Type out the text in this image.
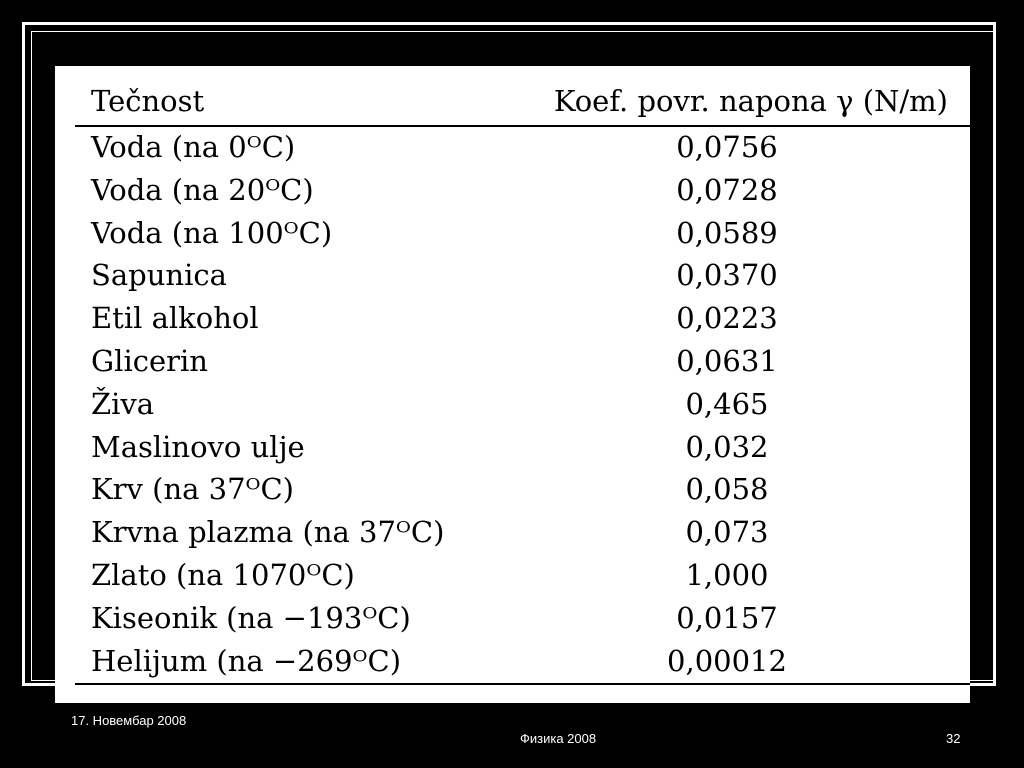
Tečnost	Koef. povr. napona γ (N/m)
Voda (na 0ᴼC)	0,0756
Voda (na 20ᴼC)	0,0728
Voda (na 100ᴼC)	0,0589
Sapunica	0,0370
Etil alkohol	0,0223
Glicerin	0,0631
Živa	0,465
Maslinovo ulje	0,032
Krv (na 37ᴼC)	0,058
Krvna plazma (na 37ᴼC)	0,073
Zlato (na 1070ᴼC)	1,000
Kiseonik (na −193ᴼC)	0,0157
Helijum (na −269ᴼC)	0,00012
17. Новембар 2008
Физика 2008	32
